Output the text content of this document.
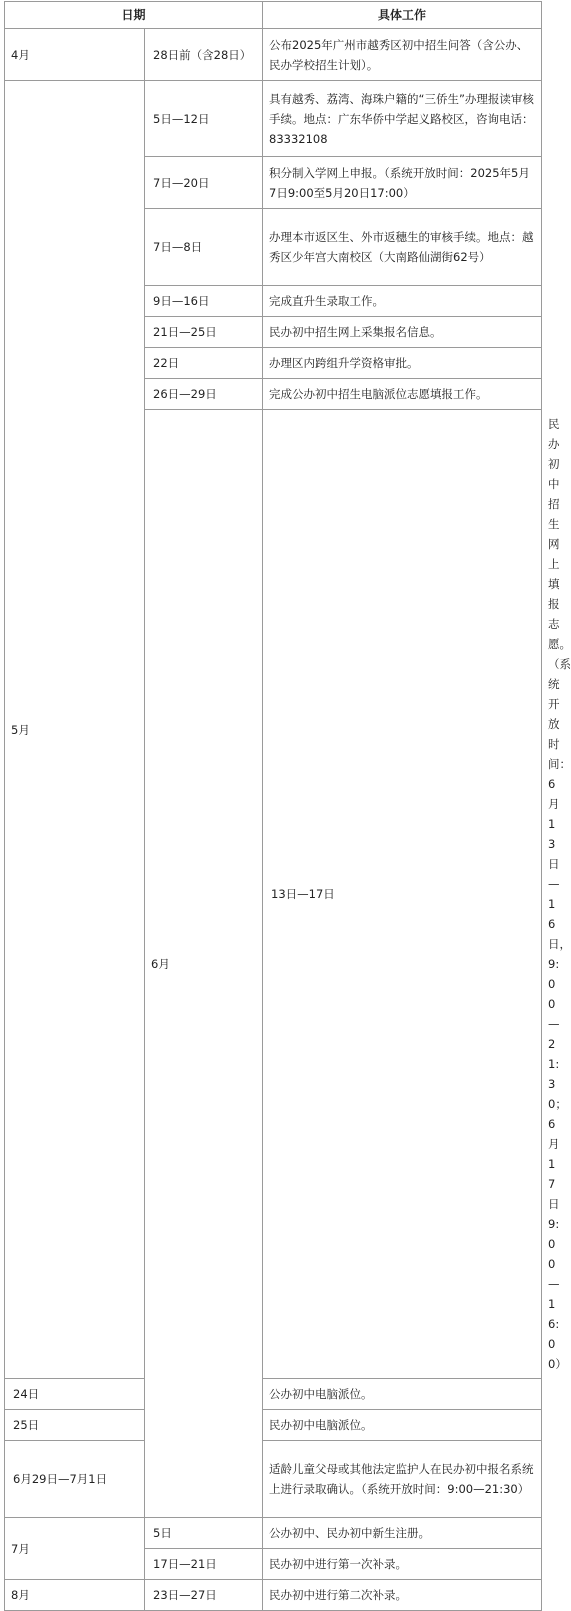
日期		具体工作	
4月	28日前（含28日）	公布2025年广州市越秀区初中招生问答（含公办、民办学校招生计划）。	
5月	5日—12日	具有越秀、荔湾、海珠户籍的“三侨生”办理报读审核手续。地点：广东华侨中学起义路校区，咨询电话：83332108	
	7日—20日	积分制入学网上申报。（系统开放时间：2025年5月7日9:00至5月20日17:00）	
	7日—8日	办理本市返区生、外市返穗生的审核手续。地点：越秀区少年宫大南校区（大南路仙湖街62号）	
	9日—16日	完成直升生录取工作。	
	21日—25日	民办初中招生网上采集报名信息。	
	22日	办理区内跨组升学资格审批。	
	26日—29日	完成公办初中招生电脑派位志愿填报工作。	
	6月	13日—17日	民办初中招生网上填报志愿。（系统开放时间：6月13日—16日，9:00—21:30；6月17日9:00—16:00）
24日		公办初中电脑派位。	
25日		民办初中电脑派位。	
6月29日—7月1日		适龄儿童父母或其他法定监护人在民办初中报名系统上进行录取确认。（系统开放时间：9:00—21:30）	
7月	5日	公办初中、民办初中新生注册。	
	17日—21日	民办初中进行第一次补录。	
8月	23日—27日	民办初中进行第二次补录。	
